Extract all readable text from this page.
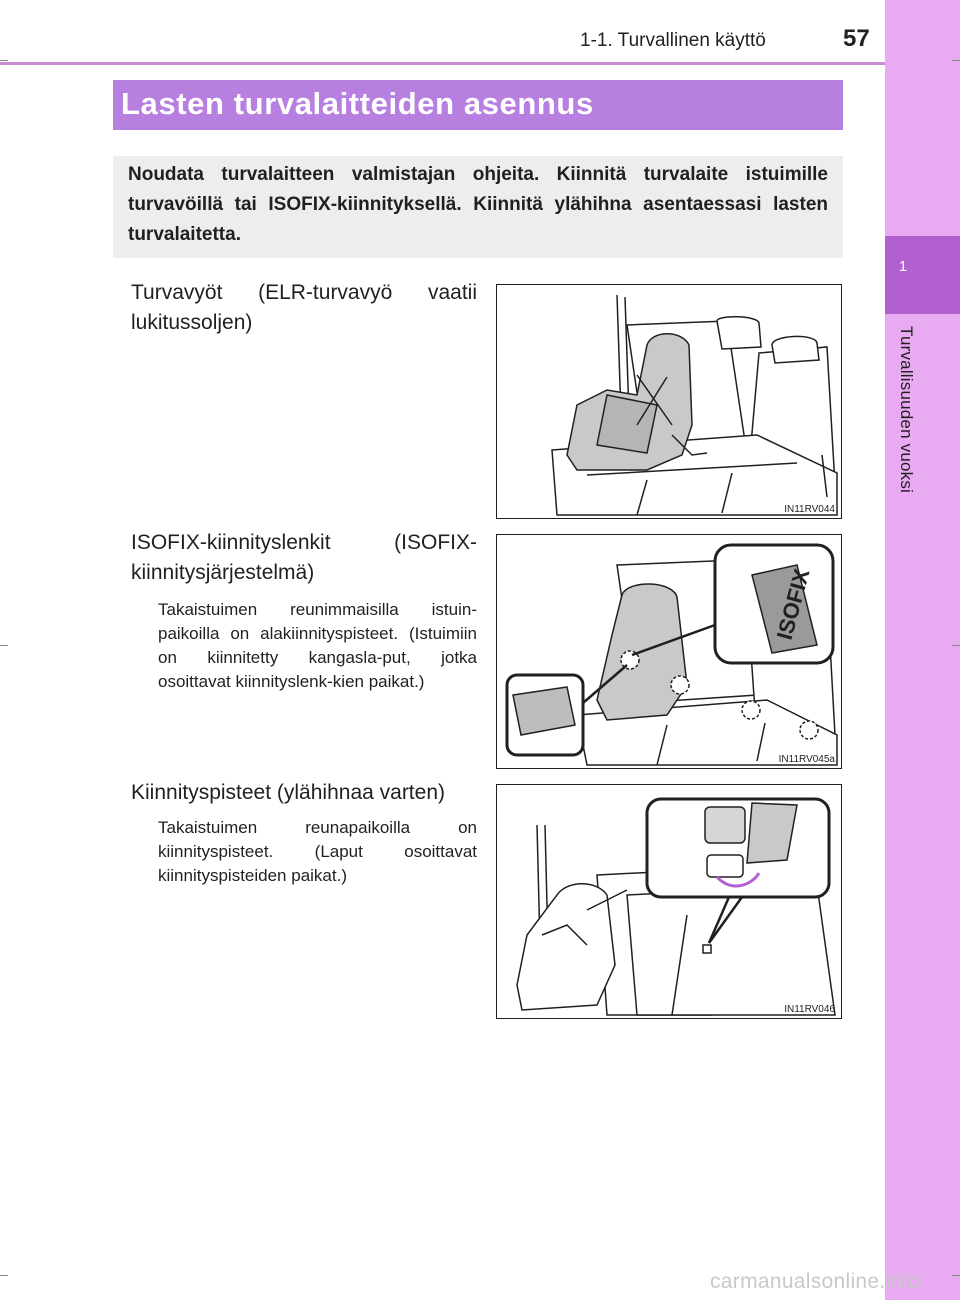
1
Turvallisuuden vuoksi
1-1. Turvallinen käyttö	57
Lasten turvalaitteiden asennus
Noudata turvalaitteen valmistajan ohjeita. Kiinnitä turvalaite istuimille turvavöillä tai ISOFIX-kiinnityksellä. Kiinnitä ylähihna asentaessasi lasten turvalaitetta.
Turvavyöt (ELR-turvavyö vaatii lukitussoljen)
.
IN11RV044
ISOFIX-kiinnityslenkit (ISOFIX-kiinnitysjärjestelmä)
Takaistuimen reunimmaisilla istuin-paikoilla on alakiinnityspisteet. (Istuimiin on kiinnitetty kangasla-put, jotka osoittavat kiinnityslenk-kien paikat.)
ISOFIX
IN11RV045a
Kiinnityspisteet (ylähihnaa varten)
Takaistuimen reunapaikoilla on kiinnityspisteet. (Laput osoittavat kiinnityspisteiden paikat.)
IN11RV046
carmanualsonline.info
